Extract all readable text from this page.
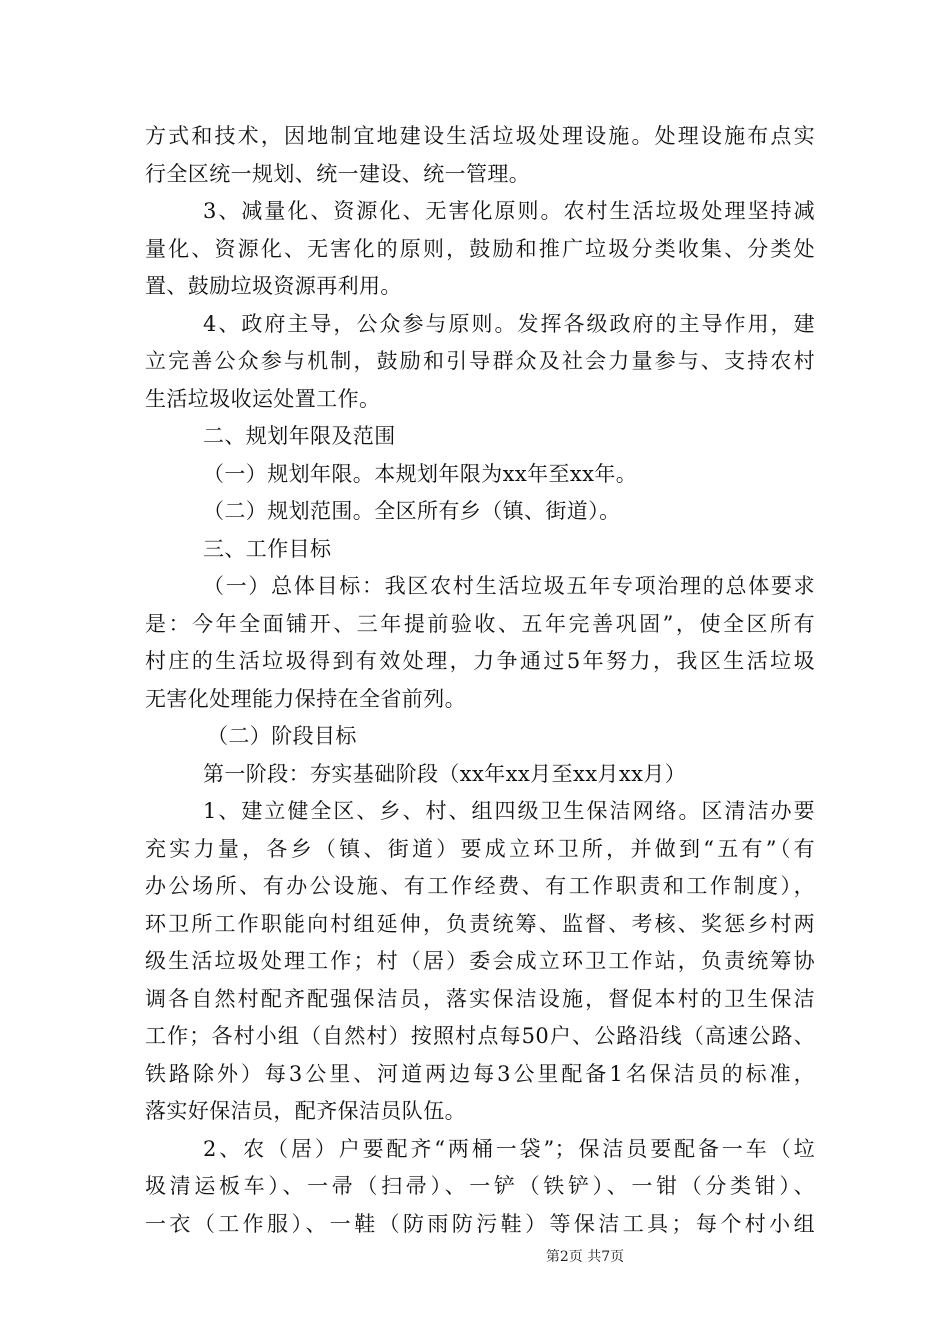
方式和技术，因地制宜地建设生活垃圾处理设施。处理设施布点实
行全区统一规划、统一建设、统一管理。
3、减量化、资源化、无害化原则。农村生活垃圾处理坚持减
量化、资源化、无害化的原则，鼓励和推广垃圾分类收集、分类处
置、鼓励垃圾资源再利用。
4、政府主导，公众参与原则。发挥各级政府的主导作用，建
立完善公众参与机制，鼓励和引导群众及社会力量参与、支持农村
生活垃圾收运处置工作。
二、规划年限及范围
（一）规划年限。本规划年限为xx年至xx年。
（二）规划范围。全区所有乡（镇、街道）。
三、工作目标
（一）总体目标：我区农村生活垃圾五年专项治理的总体要求
是：今年全面铺开、三年提前验收、五年完善巩固”，使全区所有
村庄的生活垃圾得到有效处理，力争通过5年努力，我区生活垃圾
无害化处理能力保持在全省前列。
（二）阶段目标
第一阶段：夯实基础阶段（xx年xx月至xx月xx月）
1、建立健全区、乡、村、组四级卫生保洁网络。区清洁办要
充实力量，各乡（镇、街道）要成立环卫所，并做到“五有”（有
办公场所、有办公设施、有工作经费、有工作职责和工作制度），
环卫所工作职能向村组延伸，负责统筹、监督、考核、奖惩乡村两
级生活垃圾处理工作；村（居）委会成立环卫工作站，负责统筹协
调各自然村配齐配强保洁员，落实保洁设施，督促本村的卫生保洁
工作；各村小组（自然村）按照村点每50户、公路沿线（高速公路、
铁路除外）每3公里、河道两边每3公里配备1名保洁员的标准，
落实好保洁员，配齐保洁员队伍。
2、农（居）户要配齐“两桶一袋”；保洁员要配备一车（垃
圾清运板车）、一帚（扫帚）、一铲（铁铲）、一钳（分类钳）、
一衣（工作服）、一鞋（防雨防污鞋）等保洁工具；每个村小组
第2页 共7页
